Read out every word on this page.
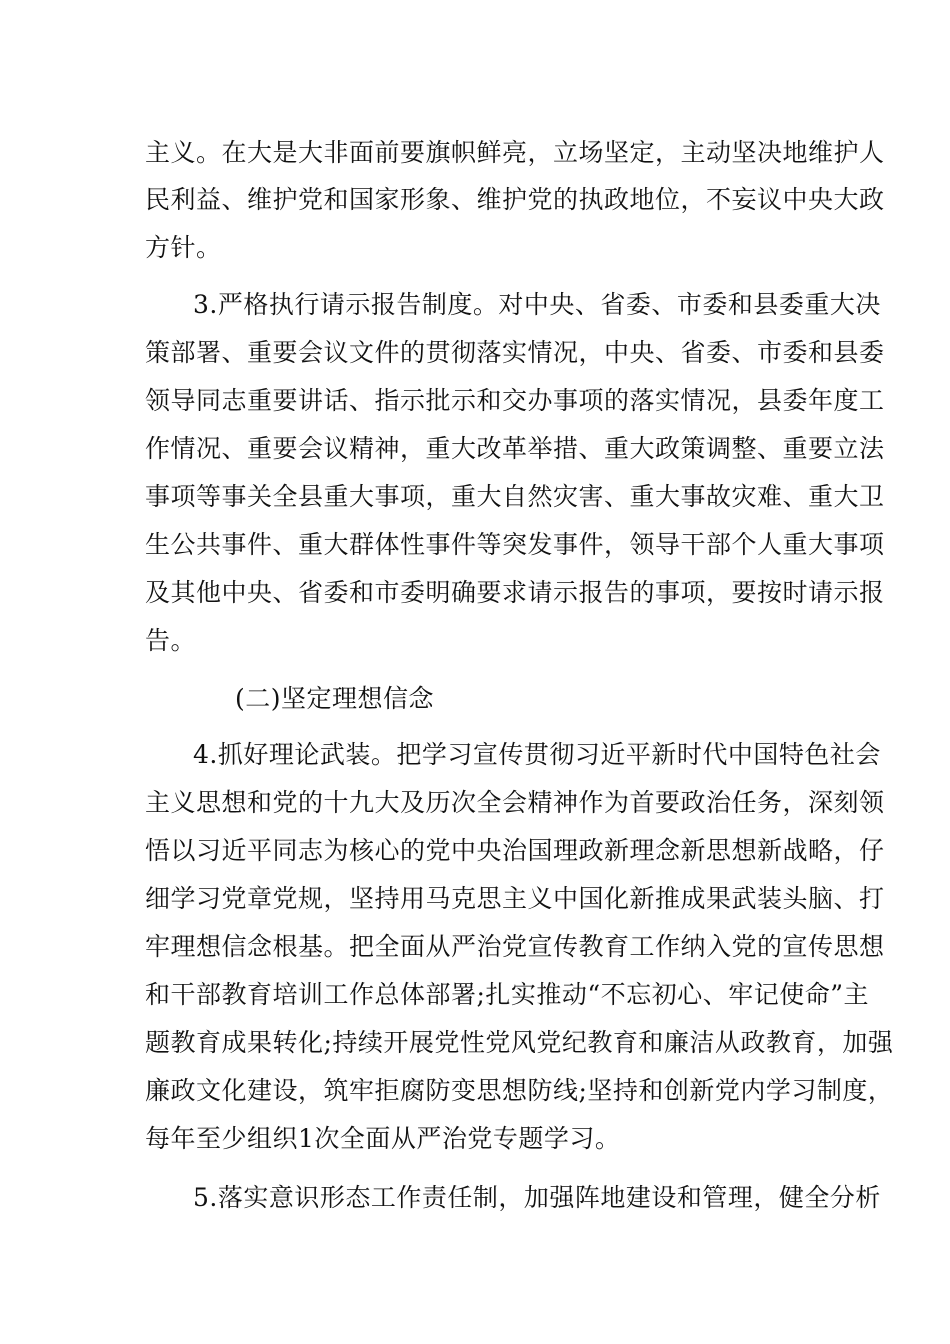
主义。在大是大非面前要旗帜鲜亮，立场坚定，主动坚决地维护人
民利益、维护党和国家形象、维护党的执政地位，不妄议中央大政
方针。
3.严格执行请示报告制度。对中央、省委、市委和县委重大决
策部署、重要会议文件的贯彻落实情况，中央、省委、市委和县委
领导同志重要讲话、指示批示和交办事项的落实情况，县委年度工
作情况、重要会议精神，重大改革举措、重大政策调整、重要立法
事项等事关全县重大事项，重大自然灾害、重大事故灾难、重大卫
生公共事件、重大群体性事件等突发事件，领导干部个人重大事项
及其他中央、省委和市委明确要求请示报告的事项，要按时请示报
告。
(二)坚定理想信念
4.抓好理论武装。把学习宣传贯彻习近平新时代中国特色社会
主义思想和党的十九大及历次全会精神作为首要政治任务，深刻领
悟以习近平同志为核心的党中央治国理政新理念新思想新战略，仔
细学习党章党规，坚持用马克思主义中国化新推成果武装头脑、打
牢理想信念根基。把全面从严治党宣传教育工作纳入党的宣传思想
和干部教育培训工作总体部署;扎实推动“不忘初心、牢记使命”主
题教育成果转化;持续开展党性党风党纪教育和廉洁从政教育，加强
廉政文化建设，筑牢拒腐防变思想防线;坚持和创新党内学习制度，
每年至少组织1次全面从严治党专题学习。
5.落实意识形态工作责任制，加强阵地建设和管理，健全分析
